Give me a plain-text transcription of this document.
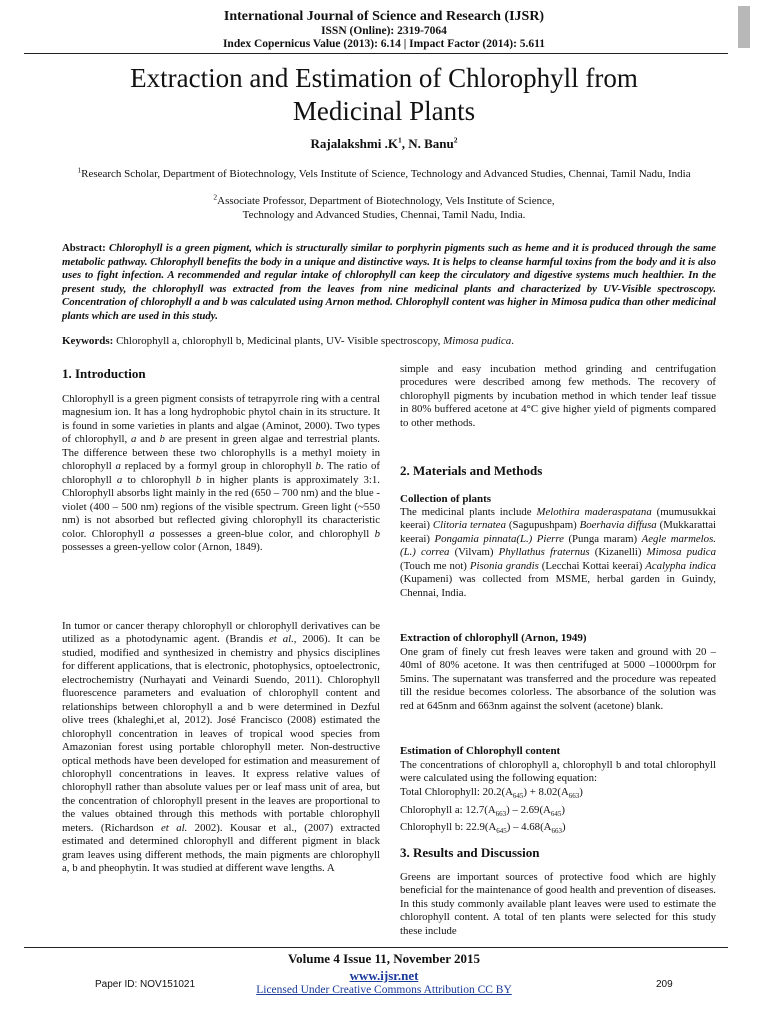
International Journal of Science and Research (IJSR)
ISSN (Online): 2319-7064
Index Copernicus Value (2013): 6.14 | Impact Factor (2014): 5.611
Extraction and Estimation of Chlorophyll from
Medicinal Plants
Rajalakshmi $.K^1$, N. Banu$^2$
$^1$Research Scholar, Department of Biotechnology, Vels Institute of Science, Technology and Advanced Studies, Chennai, Tamil Nadu, India
$^2$Associate Professor, Department of Biotechnology, Vels Institute of Science,
Technology and Advanced Studies, Chennai, Tamil Nadu, India.
Abstract: Chlorophyll is a green pigment, which is structurally similar to porphyrin pigments such as heme and it is produced through the same metabolic pathway. Chlorophyll benefits the body in a unique and distinctive ways. It is helps to cleanse harmful toxins from the body and it is also uses to fight infection. A recommended and regular intake of chlorophyll can keep the circulatory and digestive systems much healthier. In the present study, the chlorophyll was extracted from the leaves from nine medicinal plants and characterized by UV-Visible spectroscopy. Concentration of chlorophyll a and b was calculated using Arnon method. Chlorophyll content was higher in Mimosa pudica than other medicinal plants which are used in this study.
Keywords: Chlorophyll a, chlorophyll b, Medicinal plants, UV- Visible spectroscopy, Mimosa pudica.
1. Introduction

Chlorophyll is a green pigment consists of tetrapyrrole ring with a central magnesium ion. It has a long hydrophobic phytol chain in its structure. It is found in some varieties in plants and algae (Aminot, 2000). Two types of chlorophyll, a and b are present in green algae and terrestrial plants. The difference between these two chlorophylls is a methyl moiety in chlorophyll a replaced by a formyl group in chlorophyll b. The ratio of chlorophyll a to chlorophyll b in higher plants is approximately 3:1. Chlorophyll absorbs light mainly in the red (650 – 700 nm) and the blue - violet (400 – 500 nm) regions of the visible spectrum. Green light (~550 nm) is not absorbed but reflected giving chlorophyll its characteristic color. Chlorophyll a possesses a green-blue color, and chlorophyll b possesses a green-yellow color (Arnon, 1849).

In tumor or cancer therapy chlorophyll or chlorophyll derivatives can be utilized as a photodynamic agent. (Brandis et al., 2006). It can be studied, modified and synthesized in chemistry and physics disciplines for different applications, that is electronic, photophysics, optoelectronic, electrochemistry (Nurhayati and Veinardi Suendo, 2011). Chlorophyll fluorescence parameters and evaluation of chlorophyll content and relationships between chlorophyll a and b were determined in Dezful olive trees (khaleghi,et al, 2012). José Francisco (2008) estimated the chlorophyll concentration in leaves of tropical wood species from Amazonian forest using portable chlorophyll meter. Non-destructive optical methods have been developed for estimation and measurement of chlorophyll concentrations in leaves. It express relative values of chlorophyll rather than absolute values per or leaf mass unit of area, but the concentration of chlorophyll present in the leaves are proportional to the values obtained through this methods with portable chlorophyll meters. (Richardson et al. 2002). Kousar et al., (2007) extracted estimated and determined chlorophyll and different pigment in black gram leaves using different methods, the main pigments are chlorophyll a, b and pheophytin. It was studied at different wave lengths. A

simple and easy incubation method grinding and centrifugation procedures were described among few methods. The recovery of chlorophyll pigments by incubation method in which tender leaf tissue in 80% buffered acetone at 4°C give higher yield of pigments compared to other methods.
2. Materials and Methods
Collection of plants
The medicinal plants include Melothira maderaspatana (mumusukkai keerai) Clitoria ternatea (Sagupushpam) Boerhavia diffusa (Mukkarattai keerai) Pongamia pinnata(L.) Pierre (Punga maram) Aegle marmelos.(L.) correa (Vilvam) Phyllathus fraternus (Kizanelli) Mimosa pudica (Touch me not) Pisonia grandis (Lecchai Kottai keerai) Acalypha indica (Kupameni) was collected from MSME, herbal garden in Guindy, Chennai, India.
Extraction of chlorophyll (Arnon, 1949)
One gram of finely cut fresh leaves were taken and ground with 20 – 40ml of 80% acetone. It was then centrifuged at 5000 –10000rpm for 5mins. The supernatant was transferred and the procedure was repeated till the residue becomes colorless. The absorbance of the solution was red at 645nm and 663nm against the solvent (acetone) blank.
Estimation of Chlorophyll content

The concentrations of chlorophyll a, chlorophyll b and total chlorophyll were calculated using the following equation:

Total Chlorophyll: $20.2(A_{645}) + 8.02(A_{663})$

Chlorophyll a: $12.7(A_{663}) - 2.69(A_{645})$

Chlorophyll b: $22.9(A_{645}) - 4.68(A_{663})$

3. Results and Discussion
Greens are important sources of protective food which are highly beneficial for the maintenance of good health and prevention of diseases. In this study commonly available plant leaves were used to estimate the chlorophyll content. A total of ten plants were selected for this study these include
Volume 4 Issue 11, November 2015
www.ijsr.net
Licensed Under Creative Commons Attribution CC BY
Paper ID: NOV151021	209
